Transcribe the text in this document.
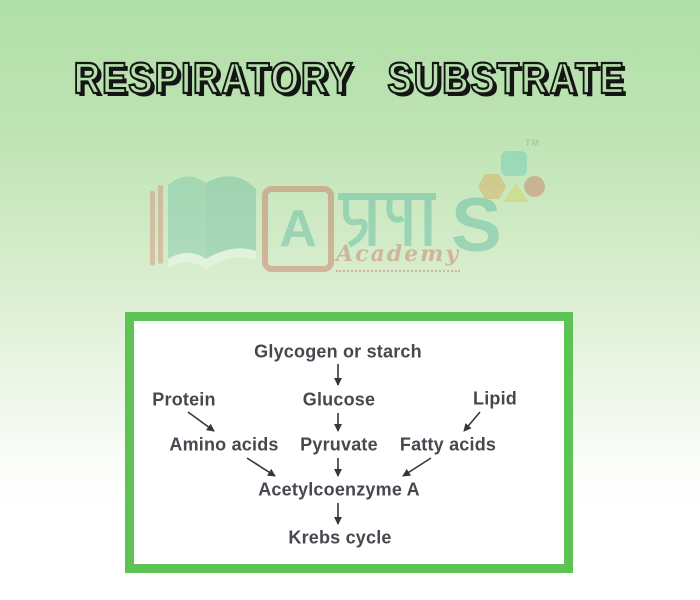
RESPIRATORY SUBSTRATE
A S
Academy
TM
Glycogen or starch
Protein	Glucose	Lipid
Amino acids Pyruvate Fatty acids
Acetylcoenzyme A
Krebs cycle
